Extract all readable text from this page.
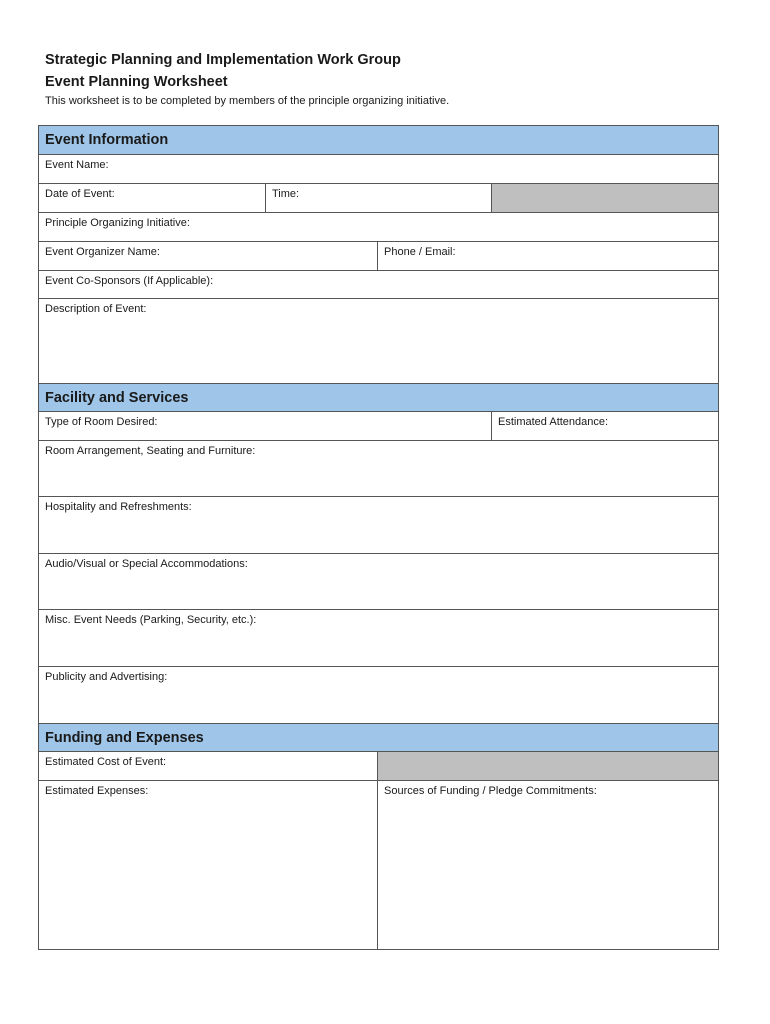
Strategic Planning and Implementation Work Group

Event Planning Worksheet

This worksheet is to be completed by members of the principle organizing initiative.

Event Information			
Event Name:			
Date of Event:	Time:		
Principle Organizing Initiative:			
Event Organizer Name:		Phone / Email:	
Event Co-Sponsors (If Applicable):			
Description of Event:			
Facility and Services			
Type of Room Desired:			Estimated Attendance:
Room Arrangement, Seating and Furniture:			
Hospitality and Refreshments:			
Audio/Visual or Special Accommodations:			
Misc. Event Needs (Parking, Security, etc.):			
Publicity and Advertising:			
Funding and Expenses			
Estimated Cost of Event:			
Estimated Expenses:		Sources of Funding / Pledge Commitments:	
